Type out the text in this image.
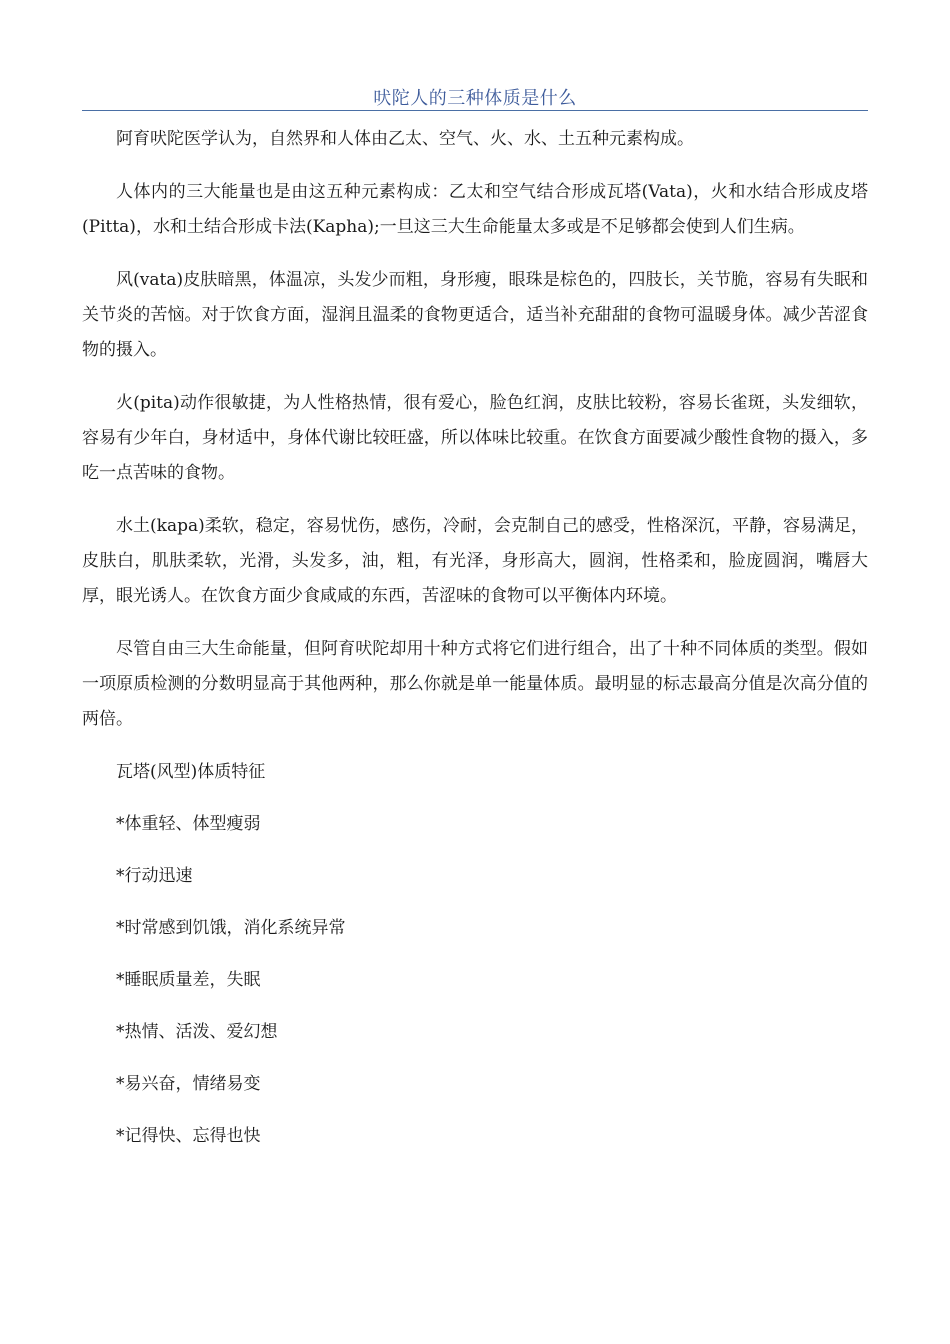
吠陀人的三种体质是什么

阿育吠陀医学认为，自然界和人体由乙太、空气、火、水、土五种元素构成。

人体内的三大能量也是由这五种元素构成：乙太和空气结合形成瓦塔(Vata)，火和水结合形成皮塔(Pitta)，水和土结合形成卡法(Kapha);一旦这三大生命能量太多或是不足够都会使到人们生病。

风(vata)皮肤暗黑，体温凉，头发少而粗，身形瘦，眼珠是棕色的，四肢长，关节脆，容易有失眠和关节炎的苦恼。对于饮食方面，湿润且温柔的食物更适合，适当补充甜甜的食物可温暖身体。减少苦涩食物的摄入。

火(pita)动作很敏捷，为人性格热情，很有爱心，脸色红润，皮肤比较粉，容易长雀斑，头发细软，容易有少年白，身材适中，身体代谢比较旺盛，所以体味比较重。在饮食方面要减少酸性食物的摄入，多吃一点苦味的食物。

水土(kapa)柔软，稳定，容易忧伤，感伤，冷耐，会克制自己的感受，性格深沉，平静，容易满足，皮肤白，肌肤柔软，光滑，头发多，油，粗，有光泽，身形高大，圆润，性格柔和，脸庞圆润，嘴唇大厚，眼光诱人。在饮食方面少食咸咸的东西，苦涩味的食物可以平衡体内环境。

尽管自由三大生命能量，但阿育吠陀却用十种方式将它们进行组合，出了十种不同体质的类型。假如一项原质检测的分数明显高于其他两种，那么你就是单一能量体质。最明显的标志最高分值是次高分值的两倍。

瓦塔(风型)体质特征

*体重轻、体型瘦弱

*行动迅速

*时常感到饥饿，消化系统异常

*睡眠质量差，失眠

*热情、活泼、爱幻想

*易兴奋，情绪易变

*记得快、忘得也快
